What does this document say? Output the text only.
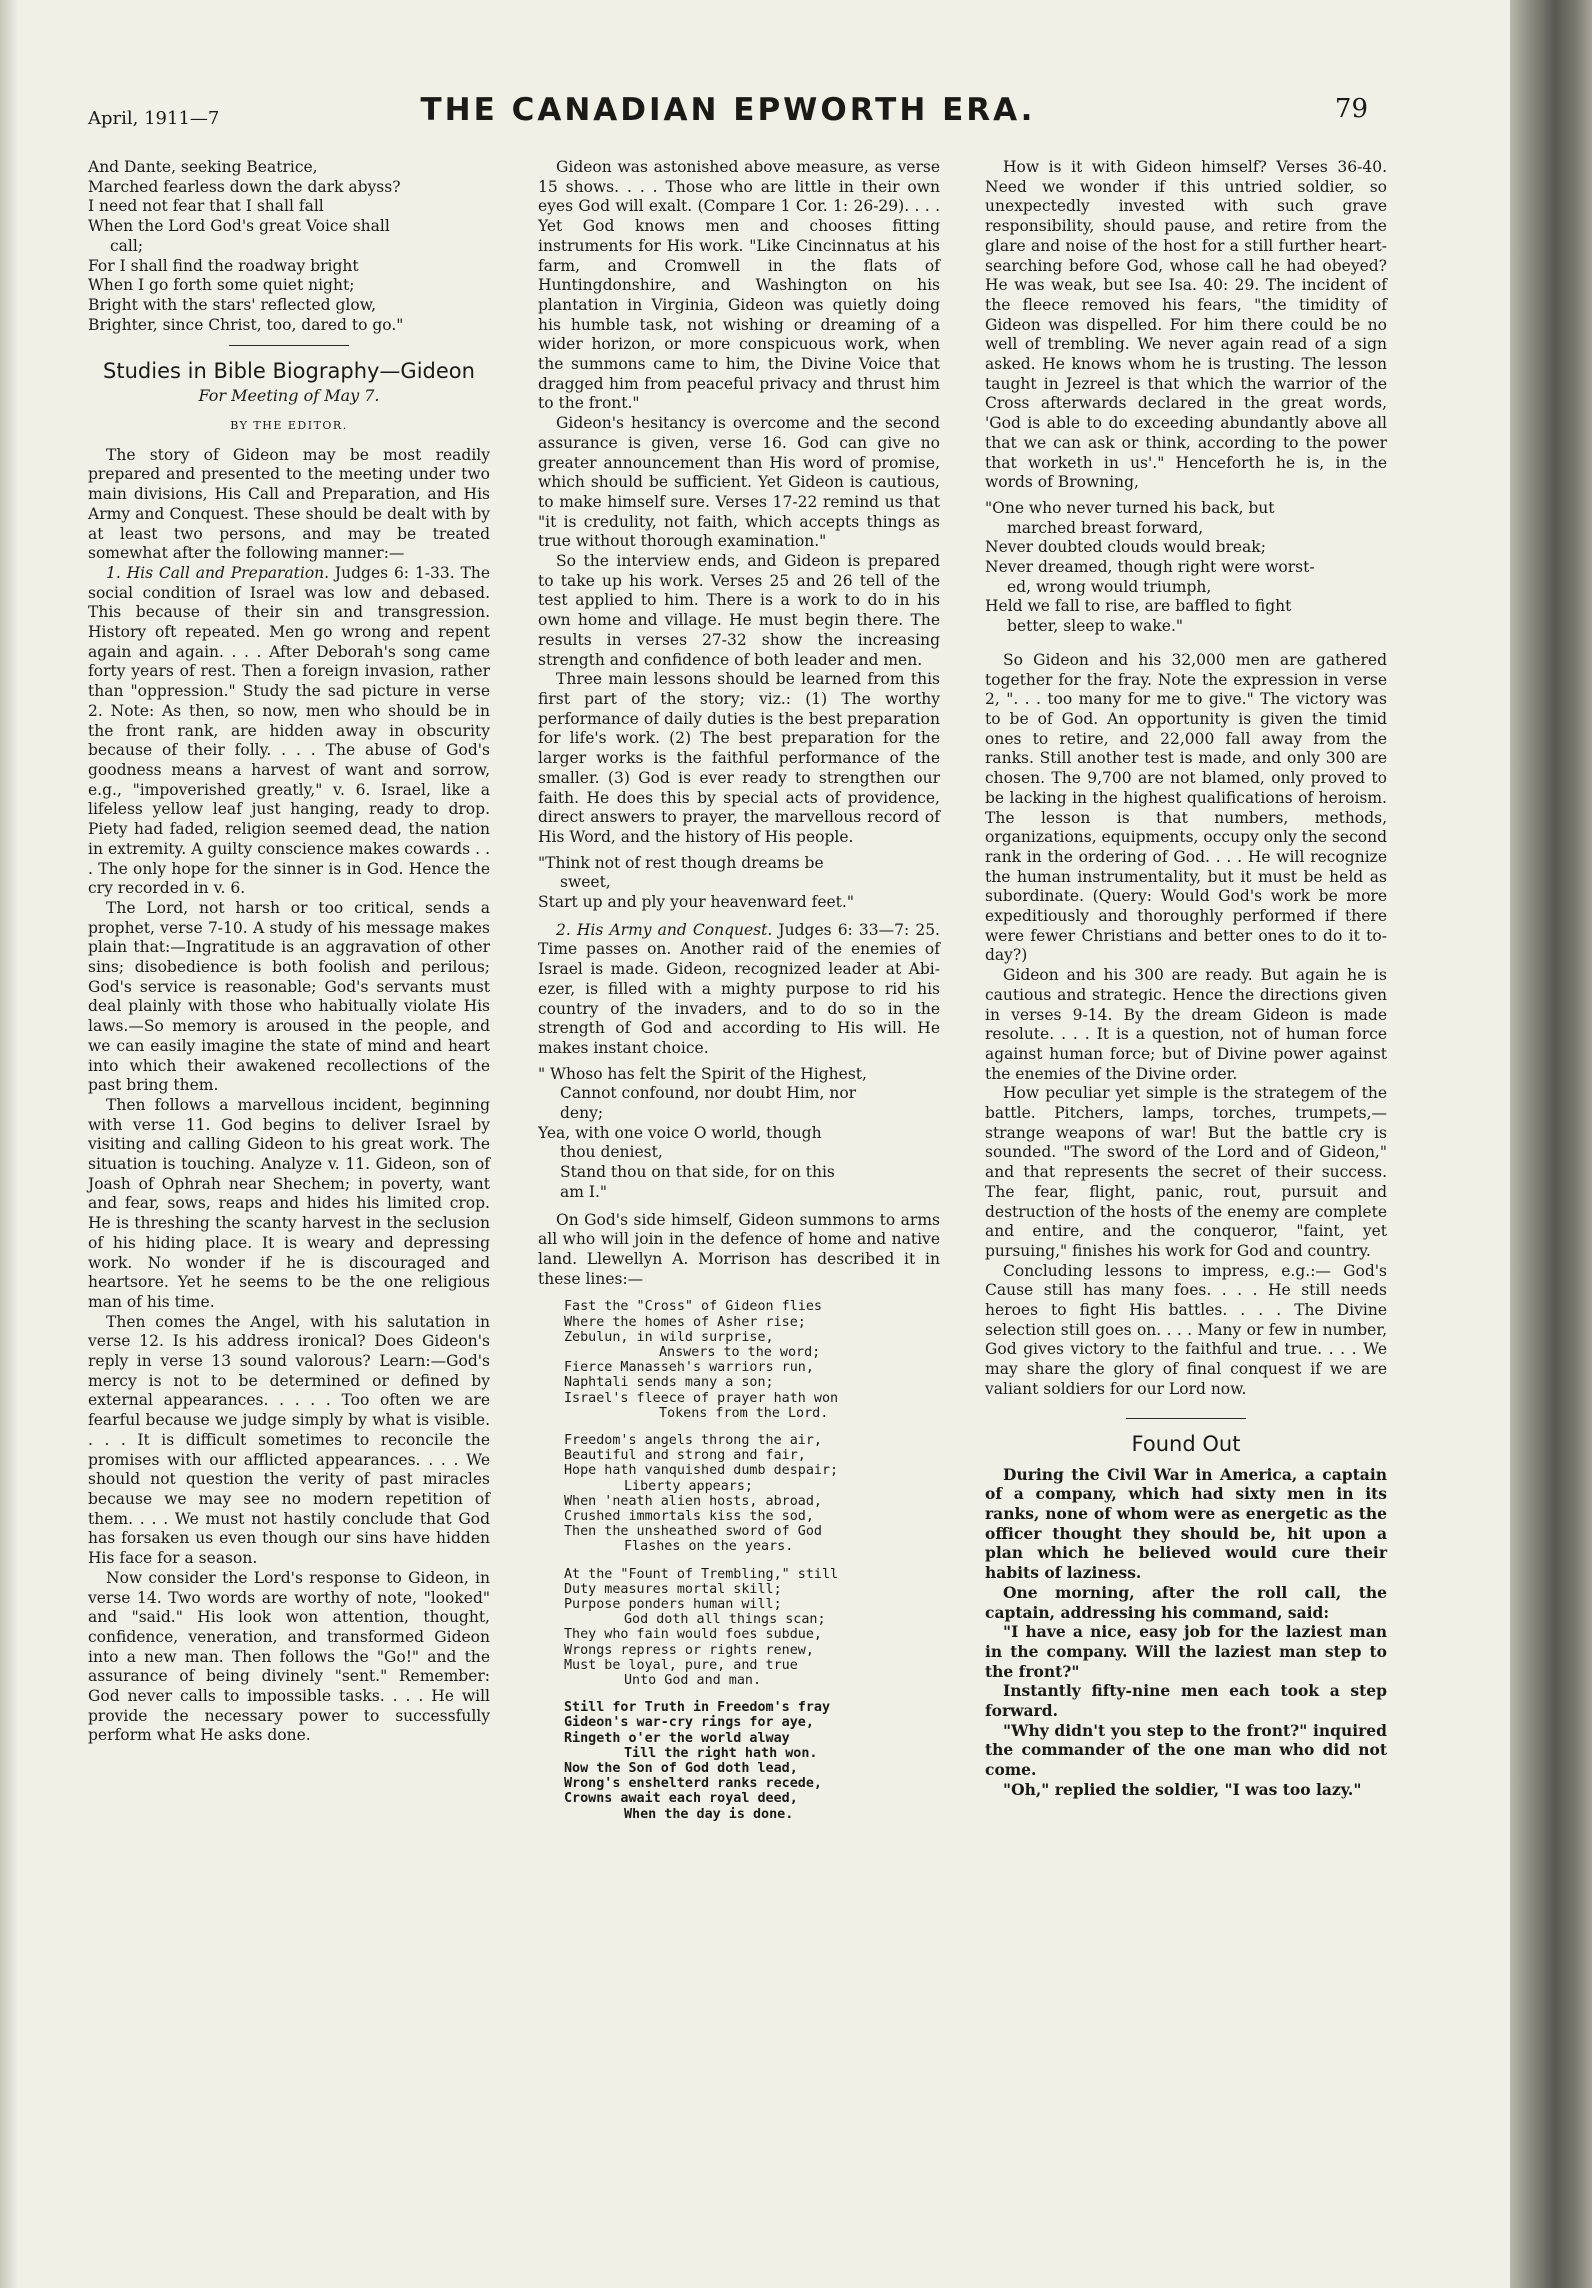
April, 1911—7	THE CANADIAN EPWORTH ERA.	79
And Dante, seeking Beatrice,
Marched fearless down the dark abyss?
I need not fear that I shall fall
When the Lord God's great Voice shall
call;
For I shall find the roadway bright
When I go forth some quiet night;
Bright with the stars' reflected glow,
Brighter, since Christ, too, dared to go."
Studies in Bible Biography—Gideon
For Meeting of May 7.
BY THE EDITOR.

The story of Gideon may be most readily prepared and presented to the meeting under two main divisions, His Call and Preparation, and His Army and Conquest. These should be dealt with by at least two persons, and may be treated somewhat after the following manner:—

1. His Call and Preparation. Judges 6: 1-33. The social condition of Israel was low and debased. This because of their sin and transgression. History oft repeated. Men go wrong and repent again and again. . . . After Deborah's song came forty years of rest. Then a foreign invasion, rather than "oppression." Study the sad picture in verse 2. Note: As then, so now, men who should be in the front rank, are hidden away in obscurity because of their folly. . . . The abuse of God's goodness means a harvest of want and sorrow, e.g., "impoverished greatly," v. 6. Israel, like a lifeless yellow leaf just hanging, ready to drop. Piety had faded, religion seemed dead, the nation in extremity. A guilty conscience makes cowards . . . The only hope for the sinner is in God. Hence the cry recorded in v. 6.

The Lord, not harsh or too critical, sends a prophet, verse 7-10. A study of his message makes plain that:—Ingratitude is an aggravation of other sins; disobedience is both foolish and perilous; God's service is reasonable; God's servants must deal plainly with those who habitually violate His laws.—So memory is aroused in the people, and we can easily imagine the state of mind and heart into which their awakened recollections of the past bring them.

Then follows a marvellous incident, beginning with verse 11. God begins to deliver Israel by visiting and calling Gideon to his great work. The situation is touching. Analyze v. 11. Gideon, son of Joash of Ophrah near Shechem; in poverty, want and fear, sows, reaps and hides his limited crop. He is threshing the scanty harvest in the seclusion of his hiding place. It is weary and depressing work. No wonder if he is discouraged and heartsore. Yet he seems to be the one religious man of his time.

Then comes the Angel, with his salutation in verse 12. Is his address ironical? Does Gideon's reply in verse 13 sound valorous? Learn:—God's mercy is not to be determined or defined by external appearances. . . . . Too often we are fearful because we judge simply by what is visible. . . . It is difficult sometimes to reconcile the promises with our afflicted appearances. . . . We should not question the verity of past miracles because we may see no modern repetition of them. . . . We must not hastily conclude that God has forsaken us even though our sins have hidden His face for a season.

Now consider the Lord's response to Gideon, in verse 14. Two words are worthy of note, "looked" and "said." His look won attention, thought, confidence, veneration, and transformed Gideon into a new man. Then follows the "Go!" and the assurance of being divinely "sent." Remember: God never calls to impossible tasks. . . . He will provide the necessary power to successfully perform what He asks done.

Gideon was astonished above measure, as verse 15 shows. . . . Those who are little in their own eyes God will exalt. (Compare 1 Cor. 1: 26-29). . . . Yet God knows men and chooses fitting instruments for His work. "Like Cincinnatus at his farm, and Cromwell in the flats of Huntingdonshire, and Washington on his plantation in Virginia, Gideon was quietly doing his humble task, not wishing or dreaming of a wider horizon, or more conspicuous work, when the summons came to him, the Divine Voice that dragged him from peaceful privacy and thrust him to the front."

Gideon's hesitancy is overcome and the second assurance is given, verse 16. God can give no greater announcement than His word of promise, which should be sufficient. Yet Gideon is cautious, to make himself sure. Verses 17-22 remind us that "it is credulity, not faith, which accepts things as true without thorough examination."

So the interview ends, and Gideon is prepared to take up his work. Verses 25 and 26 tell of the test applied to him. There is a work to do in his own home and village. He must begin there. The results in verses 27-32 show the increasing strength and confidence of both leader and men.

Three main lessons should be learned from this first part of the story; viz.: (1) The worthy performance of daily duties is the best preparation for life's work. (2) The best preparation for the larger works is the faithful performance of the smaller. (3) God is ever ready to strengthen our faith. He does this by special acts of providence, direct answers to prayer, the marvellous record of His Word, and the history of His people.

"Think not of rest though dreams be
sweet,
Start up and ply your heavenward feet."

2. His Army and Conquest. Judges 6: 33—7: 25. Time passes on. Another raid of the enemies of Israel is made. Gideon, recognized leader at Abi-ezer, is filled with a mighty purpose to rid his country of the invaders, and to do so in the strength of God and according to His will. He makes instant choice.

" Whoso has felt the Spirit of the Highest,
Cannot confound, nor doubt Him, nor
deny;
Yea, with one voice O world, though
thou deniest,
Stand thou on that side, for on this
am I."

On God's side himself, Gideon summons to arms all who will join in the defence of home and native land. Llewellyn A. Morrison has described it in these lines:—

Fast the "Cross" of Gideon flies
Where the homes of Asher rise;
Zebulun, in wild surprise,
Answers to the word;
Fierce Manasseh's warriors run,
Naphtali sends many a son;
Israel's fleece of prayer hath won
Tokens from the Lord.
Freedom's angels throng the air,
Beautiful and strong and fair,
Hope hath vanquished dumb despair;
Liberty appears;
When 'neath alien hosts, abroad,
Crushed immortals kiss the sod,
Then the unsheathed sword of God
Flashes on the years.
At the "Fount of Trembling," still
Duty measures mortal skill;
Purpose ponders human will;
God doth all things scan;
They who fain would foes subdue,
Wrongs repress or rights renew,
Must be loyal, pure, and true
Unto God and man.
Still for Truth in Freedom's fray
Gideon's war-cry rings for aye,
Ringeth o'er the world alway
Till the right hath won.
Now the Son of God doth lead,
Wrong's enshelterd ranks recede,
Crowns await each royal deed,
When the day is done.

How is it with Gideon himself? Verses 36-40. Need we wonder if this untried soldier, so unexpectedly invested with such grave responsibility, should pause, and retire from the glare and noise of the host for a still further heart-searching before God, whose call he had obeyed? He was weak, but see Isa. 40: 29. The incident of the fleece removed his fears, "the timidity of Gideon was dispelled. For him there could be no well of trembling. We never again read of a sign asked. He knows whom he is trusting. The lesson taught in Jezreel is that which the warrior of the Cross afterwards declared in the great words, 'God is able to do exceeding abundantly above all that we can ask or think, according to the power that worketh in us'." Henceforth he is, in the words of Browning,

"One who never turned his back, but
marched breast forward,
Never doubted clouds would break;
Never dreamed, though right were worst-
ed, wrong would triumph,
Held we fall to rise, are baffled to fight
better, sleep to wake."

So Gideon and his 32,000 men are gathered together for the fray. Note the expression in verse 2, ". . . too many for me to give." The victory was to be of God. An opportunity is given the timid ones to retire, and 22,000 fall away from the ranks. Still another test is made, and only 300 are chosen. The 9,700 are not blamed, only proved to be lacking in the highest qualifications of heroism. The lesson is that numbers, methods, organizations, equipments, occupy only the second rank in the ordering of God. . . . He will recognize the human instrumentality, but it must be held as subordinate. (Query: Would God's work be more expeditiously and thoroughly performed if there were fewer Christians and better ones to do it to-day?)

Gideon and his 300 are ready. But again he is cautious and strategic. Hence the directions given in verses 9-14. By the dream Gideon is made resolute. . . . It is a question, not of human force against human force; but of Divine power against the enemies of the Divine order.

How peculiar yet simple is the strategem of the battle. Pitchers, lamps, torches, trumpets,—strange weapons of war! But the battle cry is sounded. "The sword of the Lord and of Gideon," and that represents the secret of their success. The fear, flight, panic, rout, pursuit and destruction of the hosts of the enemy are complete and entire, and the conqueror, "faint, yet pursuing," finishes his work for God and country.

Concluding lessons to impress, e.g.:— God's Cause still has many foes. . . . He still needs heroes to fight His battles. . . . The Divine selection still goes on. . . . Many or few in number, God gives victory to the faithful and true. . . . We may share the glory of final conquest if we are valiant soldiers for our Lord now.

Found Out

During the Civil War in America, a captain of a company, which had sixty men in its ranks, none of whom were as energetic as the officer thought they should be, hit upon a plan which he believed would cure their habits of laziness.

One morning, after the roll call, the captain, addressing his command, said:

"I have a nice, easy job for the laziest man in the company. Will the laziest man step to the front?"

Instantly fifty-nine men each took a step forward.

"Why didn't you step to the front?" inquired the commander of the one man who did not come.

"Oh," replied the soldier, "I was too lazy."
